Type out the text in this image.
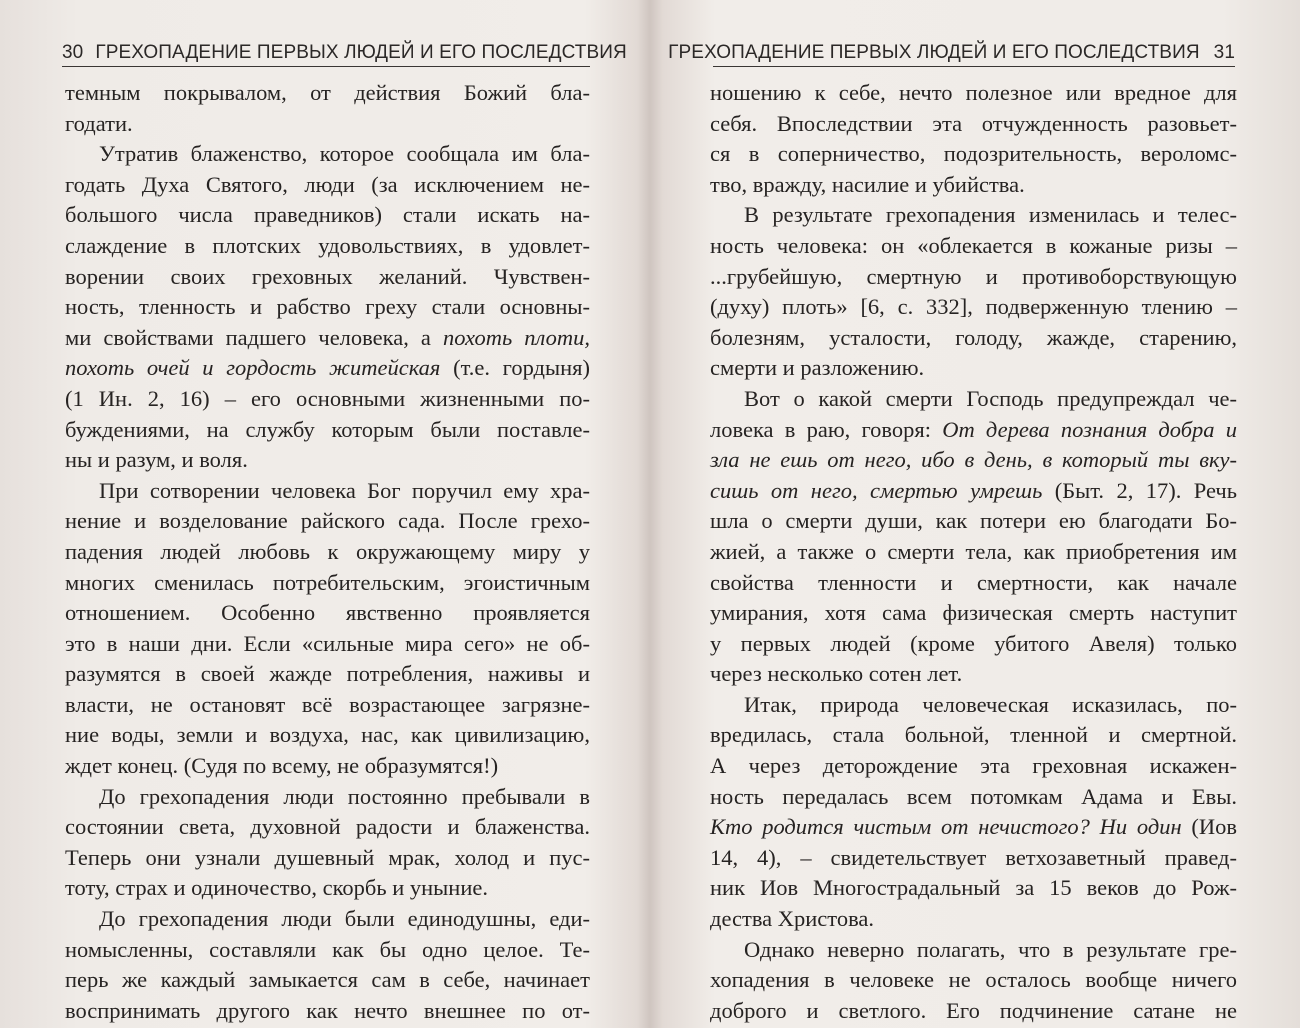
30 ГРЕХОПАДЕНИЕ ПЕРВЫХ ЛЮДЕЙ И ЕГО ПОСЛЕДСТВИЯ
темным покрывалом, от действия Божий бла-
годати.
Утратив блаженство, которое сообщала им бла-
годать Духа Святого, люди (за исключением не-
большого числа праведников) стали искать на-
слаждение в плотских удовольствиях, в удовлет-
ворении своих греховных желаний. Чувствен-
ность, тленность и рабство греху стали основны-
ми свойствами падшего человека, а похоть плоти,
похоть очей и гордость житейская (т.е. гордыня)
(1 Ин. 2, 16) – его основными жизненными по-
буждениями, на службу которым были поставле-
ны и разум, и воля.
При сотворении человека Бог поручил ему хра-
нение и возделование райского сада. После грехо-
падения людей любовь к окружающему миру у
многих сменилась потребительским, эгоистичным
отношением. Особенно явственно проявляется
это в наши дни. Если «сильные мира сего» не об-
разумятся в своей жажде потребления, наживы и
власти, не остановят всё возрастающее загрязне-
ние воды, земли и воздуха, нас, как цивилизацию,
ждет конец. (Судя по всему, не образумятся!)
До грехопадения люди постоянно пребывали в
состоянии света, духовной радости и блаженства.
Теперь они узнали душевный мрак, холод и пус-
тоту, страх и одиночество, скорбь и уныние.
До грехопадения люди были единодушны, еди-
номысленны, составляли как бы одно целое. Те-
перь же каждый замыкается сам в себе, начинает
воспринимать другого как нечто внешнее по от-
ГРЕХОПАДЕНИЕ ПЕРВЫХ ЛЮДЕЙ И ЕГО ПОСЛЕДСТВИЯ 31
ношению к себе, нечто полезное или вредное для
себя. Впоследствии эта отчужденность разовьет-
ся в соперничество, подозрительность, вероломс-
тво, вражду, насилие и убийства.
В результате грехопадения изменилась и телес-
ность человека: он «облекается в кожаные ризы –
...грубейшую, смертную и противоборствующую
(духу) плоть» [6, с. 332], подверженную тлению –
болезням, усталости, голоду, жажде, старению,
смерти и разложению.
Вот о какой смерти Господь предупреждал че-
ловека в раю, говоря: От дерева познания добра и
зла не ешь от него, ибо в день, в который ты вку-
сишь от него, смертью умрешь (Быт. 2, 17). Речь
шла о смерти души, как потери ею благодати Бо-
жией, а также о смерти тела, как приобретения им
свойства тленности и смертности, как начале
умирания, хотя сама физическая смерть наступит
у первых людей (кроме убитого Авеля) только
через несколько сотен лет.
Итак, природа человеческая исказилась, по-
вредилась, стала больной, тленной и смертной.
А через деторождение эта греховная искажен-
ность передалась всем потомкам Адама и Евы.
Кто родится чистым от нечистого? Ни один (Иов
14, 4), – свидетельствует ветхозаветный правед-
ник Иов Многострадальный за 15 веков до Рож-
дества Христова.
Однако неверно полагать, что в результате гре-
хопадения в человеке не осталось вообще ничего
доброго и светлого. Его подчинение сатане не
